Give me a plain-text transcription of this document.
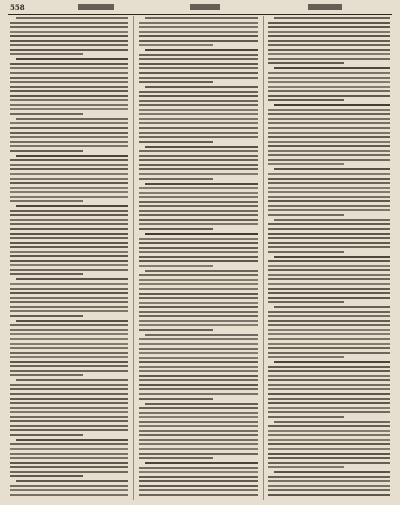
558
